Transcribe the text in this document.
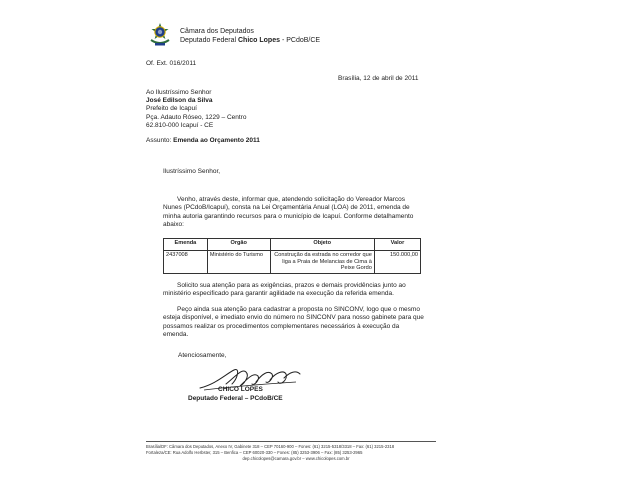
Câmara dos Deputados
Deputado Federal Chico Lopes - PCdoB/CE
Of. Ext. 016/2011
Brasília, 12 de abril de 2011
Ao Ilustríssimo Senhor
José Edilson da Silva
Prefeito de Icapuí
Pça. Adauto Róseo, 1229 – Centro
62.810-000 Icapuí - CE
Assunto: Emenda ao Orçamento 2011
Ilustríssimo Senhor,
Venho, através deste, informar que, atendendo solicitação do Vereador Marcos Nunes (PCdoB/Icapuí), consta na Lei Orçamentária Anual (LOA) de 2011, emenda de minha autoria garantindo recursos para o município de Icapuí. Conforme detalhamento abaixo:
Emenda	Orgão	Objeto	Valor
2437008	Ministério do Turismo	Construção da estrada no corredor que liga a Praia de Melancias de Cima à Peixe Gordo	150.000,00
Solicito sua atenção para as exigências, prazos e demais providências junto ao ministério especificado para garantir agilidade na execução da referida emenda.
Peço ainda sua atenção para cadastrar a proposta no SINCONV, logo que o mesmo esteja disponível, e imediato envio do número no SINCONV para nosso gabinete para que possamos realizar os procedimentos complementares necessários à execução da emenda.
Atenciosamente,
CHICO LOPES
Deputado Federal – PCdoB/CE
Brasília/DF: Câmara dos Deputados, Anexo IV, Gabinete 318 – CEP 70160-900 – Fones: (61) 3215-5318/3318 – Fax: (61) 3215-2318
Fortaleza/CE: Rua Adolfo Herbster, 315 – Benfica – CEP 60020-330 – Fones: (85) 3253-3906 – Fax: (85) 3253-2965
dep.chicolopes@camara.gov.br – www.chicolopes.com.br
